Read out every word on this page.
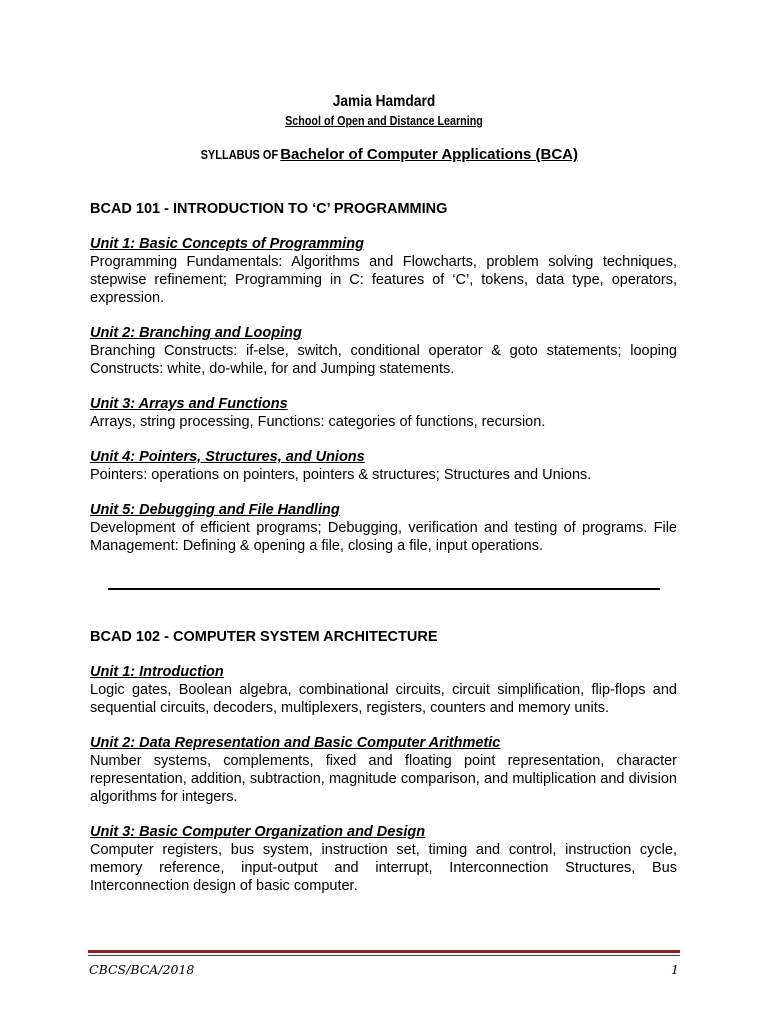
Jamia Hamdard
School of Open and Distance Learning
SYLLABUS OF Bachelor of Computer Applications (BCA)
BCAD 101 - INTRODUCTION TO ‘C’ PROGRAMMING
Unit 1: Basic Concepts of Programming
Programming Fundamentals: Algorithms and Flowcharts, problem solving techniques, stepwise refinement; Programming in C: features of ‘C’, tokens, data type, operators, expression.
Unit 2: Branching and Looping
Branching Constructs: if-else, switch, conditional operator & goto statements; looping Constructs: white, do-while, for and Jumping statements.
Unit 3: Arrays and Functions
Arrays, string processing, Functions: categories of functions, recursion.
Unit 4: Pointers, Structures, and Unions
Pointers: operations on pointers, pointers & structures; Structures and Unions.
Unit 5: Debugging and File Handling
Development of efficient programs; Debugging, verification and testing of programs. File Management: Defining & opening a file, closing a file, input operations.
BCAD 102 - COMPUTER SYSTEM ARCHITECTURE
Unit 1: Introduction
Logic gates, Boolean algebra, combinational circuits, circuit simplification, flip-flops and sequential circuits, decoders, multiplexers, registers, counters and memory units.
Unit 2: Data Representation and Basic Computer Arithmetic
Number systems, complements, fixed and floating point representation, character representation, addition, subtraction, magnitude comparison, and multiplication and division algorithms for integers.
Unit 3: Basic Computer Organization and Design
Computer registers, bus system, instruction set, timing and control, instruction cycle, memory reference, input-output and interrupt, Interconnection Structures, Bus Interconnection design of basic computer.
CBCS/BCA/2018	1
